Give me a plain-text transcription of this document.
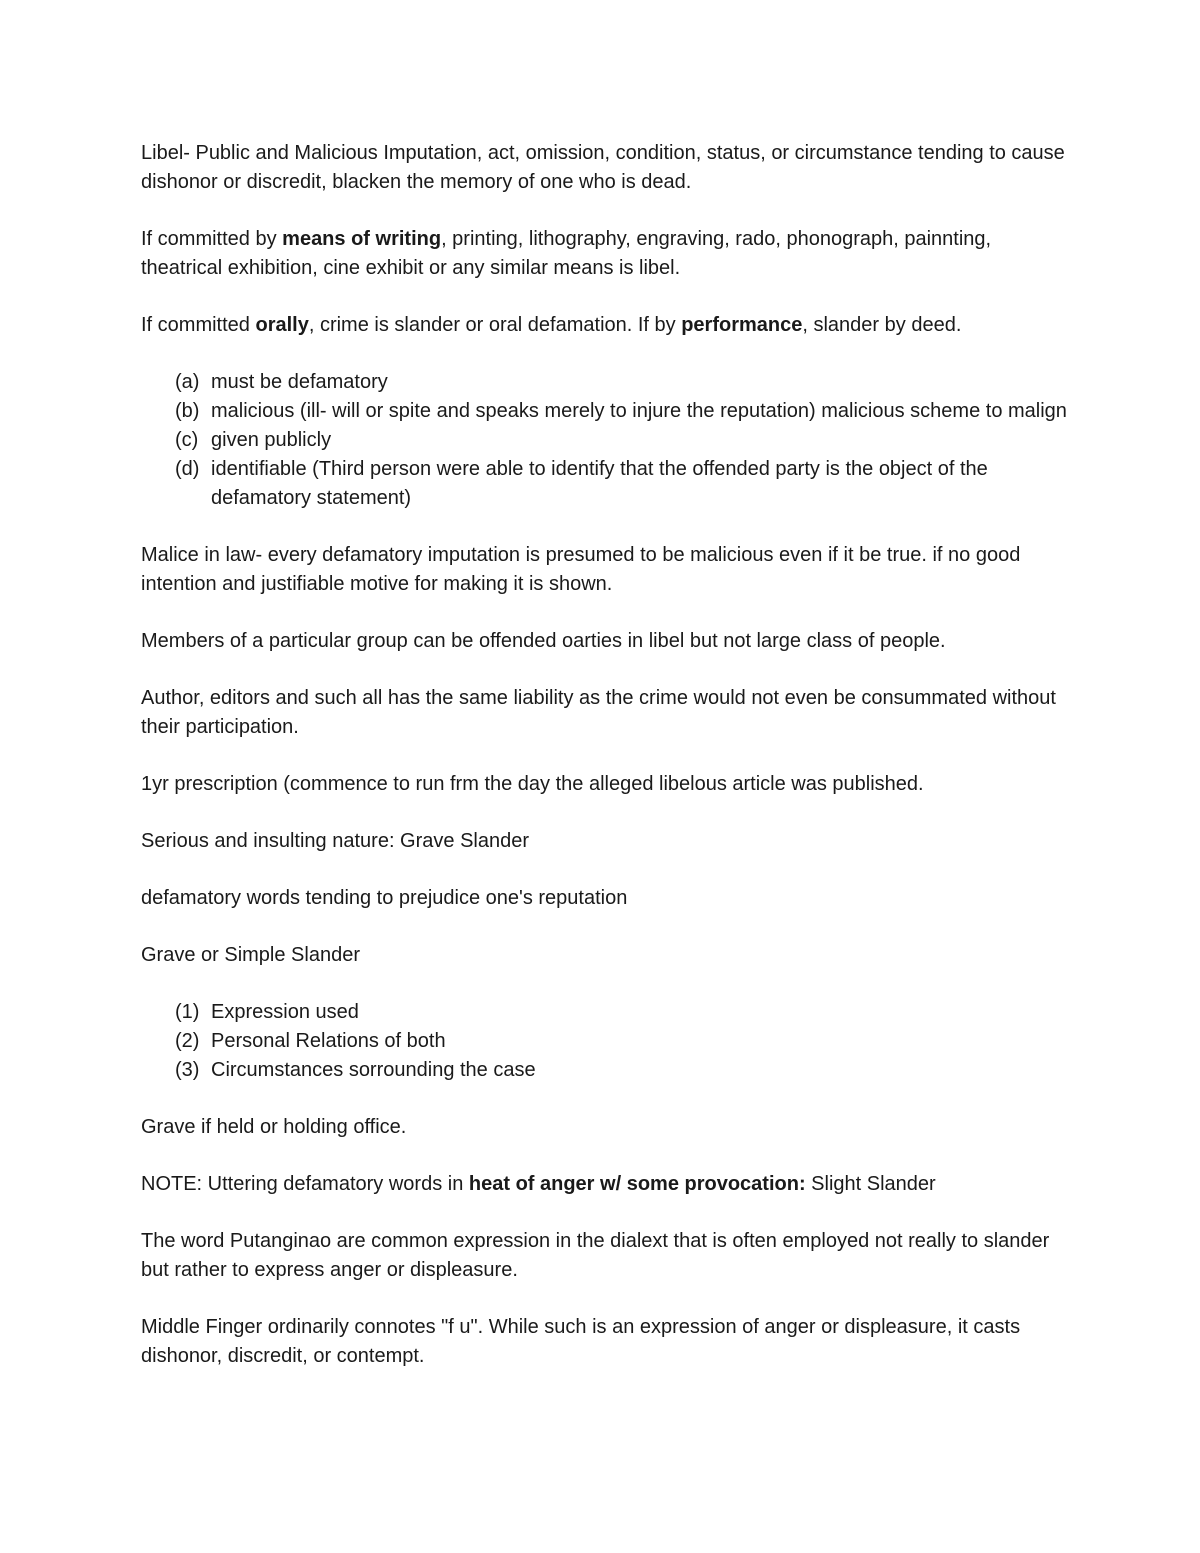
Libel- Public and Malicious Imputation, act, omission, condition, status, or circumstance tending to cause dishonor or discredit, blacken the memory of one who is dead.

If committed by means of writing, printing, lithography, engraving, rado, phonograph, painnting, theatrical exhibition, cine exhibit or any similar means is libel.

If committed orally, crime is slander or oral defamation. If by performance, slander by deed.

(a) must be defamatory
(b) malicious (ill- will or spite and speaks merely to injure the reputation) malicious scheme to malign
(c) given publicly
(d) identifiable (Third person were able to identify that the offended party is the object of the defamatory statement)

Malice in law- every defamatory imputation is presumed to be malicious even if it be true. if no good intention and justifiable motive for making it is shown.

Members of a particular group can be offended oarties in libel but not large class of people.

Author, editors and such all has the same liability as the crime would not even be consummated without their participation.

1yr prescription (commence to run frm the day the alleged libelous article was published.

Serious and insulting nature: Grave Slander

defamatory words tending to prejudice one's reputation

Grave or Simple Slander

(1) Expression used
(2) Personal Relations of both
(3) Circumstances sorrounding the case

Grave if held or holding office.

NOTE: Uttering defamatory words in heat of anger w/ some provocation: Slight Slander

The word Putanginao are common expression in the dialext that is often employed not really to slander but rather to express anger or displeasure.

Middle Finger ordinarily connotes "f u". While such is an expression of anger or displeasure, it casts dishonor, discredit, or contempt.
